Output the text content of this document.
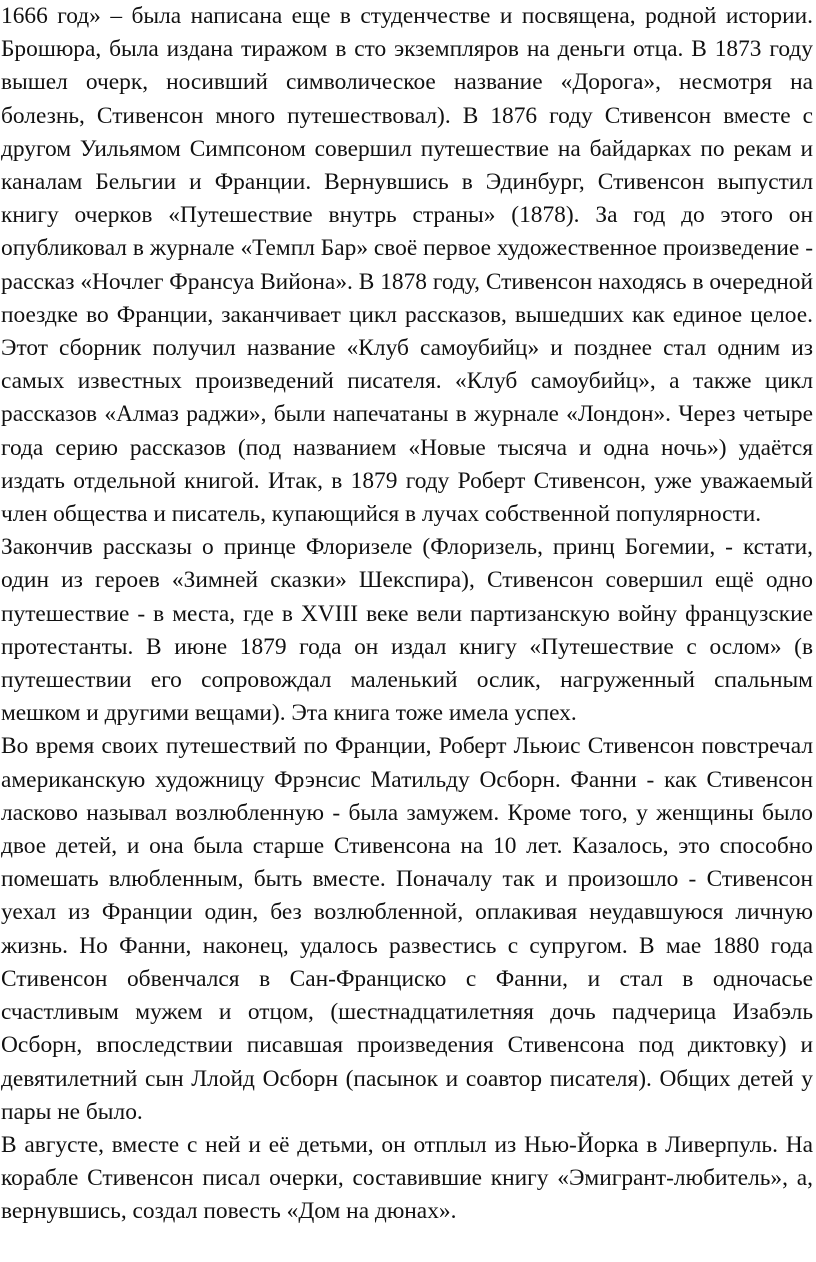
1666 год» – была написана еще в студенчестве и посвящена, родной истории. Брошюра, была издана тиражом в сто экземпляров на деньги отца. В 1873 году вышел очерк, носивший символическое название «Дорога», несмотря на болезнь, Стивенсон много путешествовал). В 1876 году Стивенсон вместе с другом Уильямом Симпсоном совершил путешествие на байдарках по рекам и каналам Бельгии и Франции. Вернувшись в Эдинбург, Стивенсон выпустил книгу очерков «Путешествие внутрь страны» (1878). За год до этого он опубликовал в журнале «Темпл Бар» своё первое художественное произведение - рассказ «Ночлег Франсуа Вийона». В 1878 году, Стивенсон находясь в очередной поездке во Франции, заканчивает цикл рассказов, вышедших как единое целое. Этот сборник получил название «Клуб самоубийц» и позднее стал одним из самых известных произведений писателя. «Клуб самоубийц», а также цикл рассказов «Алмаз раджи», были напечатаны в журнале «Лондон». Через четыре года серию рассказов (под названием «Новые тысяча и одна ночь») удаётся издать отдельной книгой. Итак, в 1879 году Роберт Стивенсон, уже уважаемый член общества и писатель, купающийся в лучах собственной популярности.

Закончив рассказы о принце Флоризеле (Флоризель, принц Богемии, - кстати, один из героев «Зимней сказки» Шекспира), Стивенсон совершил ещё одно путешествие - в места, где в XVIII веке вели партизанскую войну французские протестанты. В июне 1879 года он издал книгу «Путешествие с ослом» (в путешествии его сопровождал маленький ослик, нагруженный спальным мешком и другими вещами). Эта книга тоже имела успех.

Во время своих путешествий по Франции, Роберт Льюис Стивенсон повстречал американскую художницу Фрэнсис Матильду Осборн. Фанни - как Стивенсон ласково называл возлюбленную - была замужем. Кроме того, у женщины было двое детей, и она была старше Стивенсона на 10 лет. Казалось, это способно помешать влюбленным, быть вместе. Поначалу так и произошло - Стивенсон уехал из Франции один, без возлюбленной, оплакивая неудавшуюся личную жизнь. Но Фанни, наконец, удалось развестись с супругом. В мае 1880 года Стивенсон обвенчался в Сан-Франциско с Фанни, и стал в одночасье счастливым мужем и отцом, (шестнадцатилетняя дочь падчерица Изабэль Осборн, впоследствии писавшая произведения Стивенсона под диктовку) и девятилетний сын Ллойд Осборн (пасынок и соавтор писателя). Общих детей у пары не было.

В августе, вместе с ней и её детьми, он отплыл из Нью-Йорка в Ливерпуль. На корабле Стивенсон писал очерки, составившие книгу «Эмигрант-любитель», а, вернувшись, создал повесть «Дом на дюнах».
